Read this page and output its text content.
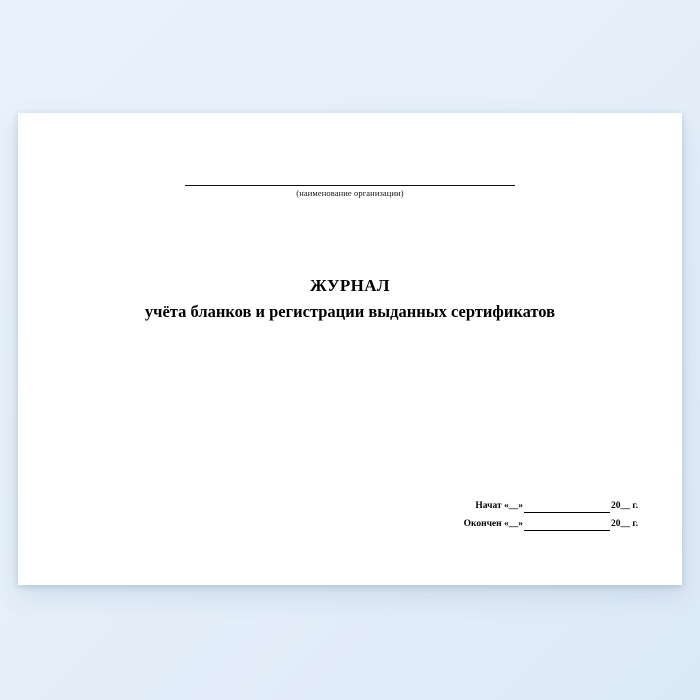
(наименование организации)
ЖУРНАЛ
учёта бланков и регистрации выданных сертификатов
Начат «__»	20__ г.
Окончен «__»	20__ г.
